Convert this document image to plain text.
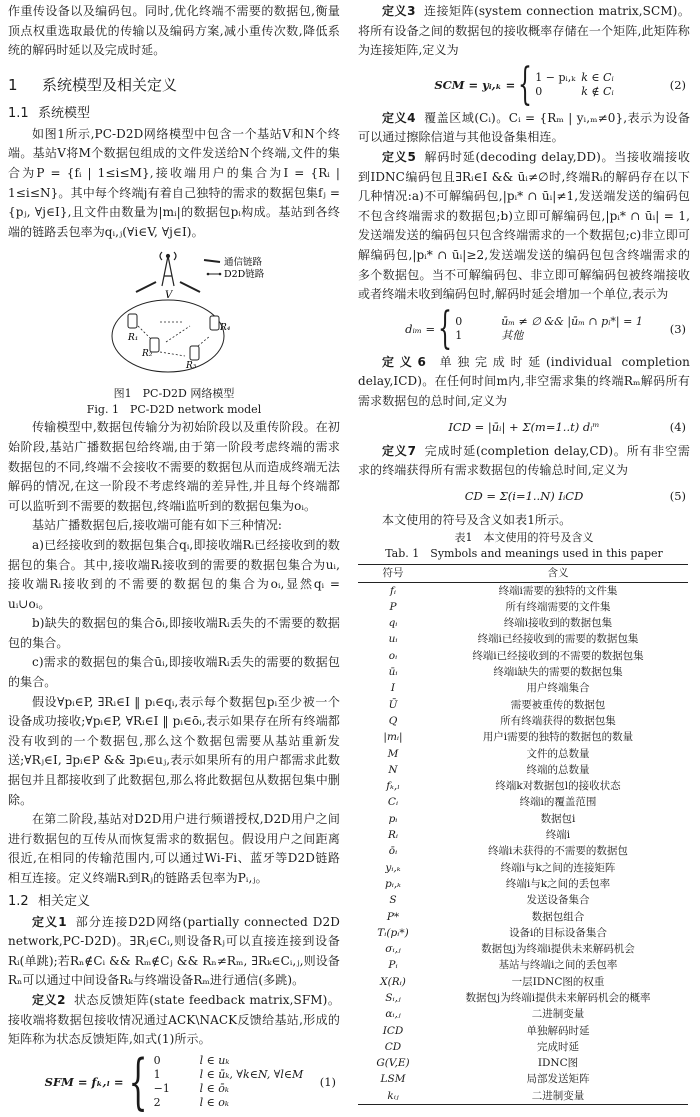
作重传设备以及编码包。同时,优化终端不需要的数据包,衡量顶点权重选取最优的传输以及编码方案,减小重传次数,降低系统的解码时延以及完成时延。

1 系统模型及相关定义
1.1 系统模型

如图1所示,PC-D2D网络模型中包含一个基站V和N个终端。基站V将M个数据包组成的文件发送给N个终端,文件的集合为P = {fᵢ | 1≤i≤M},接收端用户的集合为I = {Rᵢ | 1≤i≤N}。其中每个终端j有着自己独特的需求的数据包集fⱼ = {pⱼ, ∀j∈I},且文件由数量为|mᵢ|的数据包pᵢ构成。基站到各终端的链路丢包率为qᵢ,ⱼ(∀i∈V, ∀j∈I)。

V
通信链路
D2D链路
R₁
R₂
R₃
R₄
图1　PC-D2D 网络模型
Fig. 1　PC-D2D network model

传输模型中,数据包传输分为初始阶段以及重传阶段。在初始阶段,基站广播数据包给终端,由于第一阶段考虑终端的需求数据包的不同,终端不会接收不需要的数据包从而造成终端无法解码的情况,在这一阶段不考虑终端的差异性,并且每个终端都可以监听到不需要的数据包,终端i监听到的数据包集为oᵢ。

基站广播数据包后,接收端可能有如下三种情况:

a)已经接收到的数据包集合qᵢ,即接收端Rᵢ已经接收到的数据包的集合。其中,接收端Rᵢ接收到的需要的数据包集合为uᵢ,接收端Rᵢ接收到的不需要的数据包的集合为oᵢ,显然qᵢ = uᵢ∪oᵢ。

b)缺失的数据包的集合ōᵢ,即接收端Rᵢ丢失的不需要的数据包的集合。

c)需求的数据包的集合ūᵢ,即接收端Rᵢ丢失的需要的数据包的集合。

假设∀pᵢ∈P, ∃Rᵢ∈I ‖ pᵢ∈qᵢ,表示每个数据包pᵢ至少被一个设备成功接收;∀pᵢ∈P, ∀Rᵢ∈I ‖ pᵢ∈ōᵢ,表示如果存在所有终端都没有收到的一个数据包,那么这个数据包需要从基站重新发送;∀Rⱼ∈I, ∃pᵢ∈P && ∃pᵢ∈uⱼ,表示如果所有的用户都需求此数据包并且都接收到了此数据包,那么将此数据包从数据包集中删除。

在第二阶段,基站对D2D用户进行频谱授权,D2D用户之间进行数据包的互传从而恢复需求的数据包。假设用户之间距离很近,在相同的传输范围内,可以通过Wi-Fi、蓝牙等D2D链路相互连接。定义终端Rᵢ到Rⱼ的链路丢包率为Pᵢ,ⱼ。

1.2 相关定义

定义1 部分连接D2D网络(partially connected D2D network,PC-D2D)。∃Rⱼ∈Cᵢ,则设备Rⱼ可以直接连接到设备Rᵢ(单跳);若Rₙ∉Cᵢ && Rₘ∉Cⱼ && Rₙ≠Rₘ, ∃Rₖ∈Cᵢ,ⱼ,则设备Rₙ可以通过中间设备Rₖ与终端设备Rₘ进行通信(多跳)。

定义2 状态反馈矩阵(state feedback matrix,SFM)。接收端将数据包接收情况通过ACK\NACK反馈给基站,形成的矩阵称为状态反馈矩阵,如式(1)所示。

SFM = fₖ,ₗ = { 0	l ∈ uₖ
1	l ∈ ūₖ, ∀k∈N, ∀l∈M
−1	l ∈ ōₖ
2	l ∈ oₖ
(1)

定义3 连接矩阵(system connection matrix,SCM)。将所有设备之间的数据包的接收概率存储在一个矩阵,此矩阵称为连接矩阵,定义为

SCM = yᵢ,ₖ = { 1 − pᵢ,ₖ k ∈ Cᵢ
0	k ∉ Cᵢ	(2)

定义4 覆盖区域(Cᵢ)。Cᵢ = {Rₘ | yᵢ,ₘ≠0},表示为设备可以通过擦除信道与其他设备集相连。

定义5 解码时延(decoding delay,DD)。当接收端接收到IDNC编码包且∃Rᵢ∈I && ūᵢ≠∅时,终端Rᵢ的解码存在以下几种情况:a)不可解编码包,|pᵢ* ∩ ūᵢ|≠1,发送端发送的编码包不包含终端需求的数据包;b)立即可解编码包,|pᵢ* ∩ ūᵢ| = 1,发送端发送的编码包只包含终端需求的一个数据包;c)非立即可解编码包,|pᵢ* ∩ ūᵢ|≥2,发送端发送的编码包包含终端需求的多个数据包。当不可解编码包、非立即可解编码包被终端接收或者终端未收到编码包时,解码时延会增加一个单位,表示为

dᵢₘ = { 0	ūₘ ≠ ∅ && |ūₘ ∩ pᵢ*| = 1
1	其他	(3)

定义6 单独完成时延(individual completion delay,ICD)。在任何时间m内,非空需求集的终端Rₘ解码所有需求数据包的总时间,定义为

ICD = |ūᵢ| + Σ(m=1..t) dᵢᵐ	(4)

定义7 完成时延(completion delay,CD)。所有非空需求的终端获得所有需求数据包的传输总时间,定义为

CD = Σ(i=1..N) IᵢCD	(5)

本文使用的符号及含义如表1所示。

表1　本文使用的符号及含义
Tab. 1　Symbols and meanings used in this paper
符号	含义
fᵢ	终端i需要的独特的文件集
P	所有终端需要的文件集
qᵢ	终端i接收到的数据包集
uᵢ	终端i已经接收到的需要的数据包集
oᵢ	终端i已经接收到的不需要的数据包集
ūᵢ	终端i缺失的需要的数据包集
I	用户终端集合
Ū	需要被重传的数据包
Q	所有终端获得的数据包集
|mᵢ|	用户i需要的独特的数据包的数量
M	文件的总数量
N	终端的总数量
fₖ,ₗ	终端k对数据包l的接收状态
Cᵢ	终端i的覆盖范围
pᵢ	数据包i
Rᵢ	终端i
ōᵢ	终端i未获得的不需要的数据包
yᵢ,ₖ	终端i与k之间的连接矩阵
pᵢ,ₖ	终端i与k之间的丢包率
S	发送设备集合
P*	数据包组合
Tᵢ(pᵢ*)	设备i的目标设备集合
σᵢ,ⱼ	数据包j为终端i提供未来解码机会
Pᵢ	基站与终端i之间的丢包率
X(Rᵢ)	一层IDNC图的权重
Sᵢ,ⱼ	数据包j为终端i提供未来解码机会的概率
αᵢ,ⱼ	二进制变量
ICD	单独解码时延
CD	完成时延
G(V,E)	IDNC图
LSM	局部发送矩阵
kᵢⱼ	二进制变量
